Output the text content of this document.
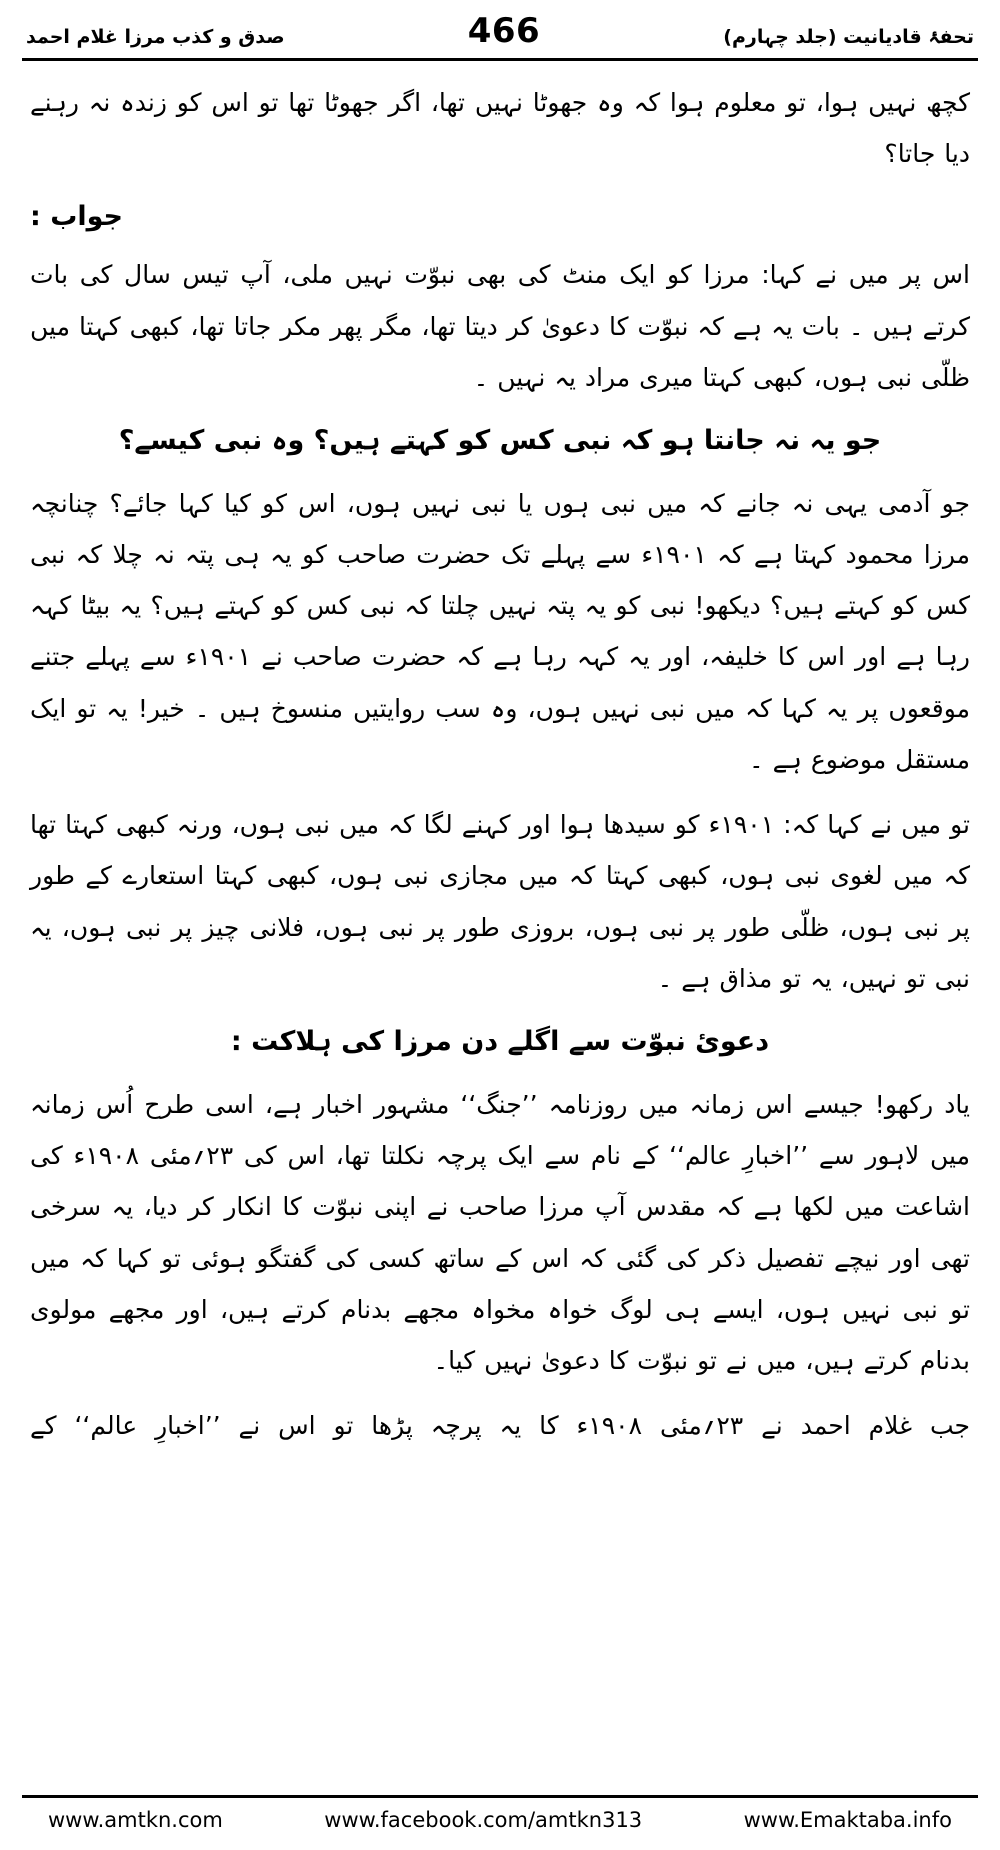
تحفۂ قادیانیت (جلد چہارم)
466
صدق و کذب مرزا غلام احمد

کچھ نہیں ہوا، تو معلوم ہوا کہ وہ جھوٹا نہیں تھا، اگر جھوٹا تھا تو اس کو زندہ نہ رہنے دیا جاتا؟

جواب :

اس پر میں نے کہا: مرزا کو ایک منٹ کی بھی نبوّت نہیں ملی، آپ تیس سال کی بات کرتے ہیں ۔ بات یہ ہے کہ نبوّت کا دعویٰ کر دیتا تھا، مگر پھر مکر جاتا تھا، کبھی کہتا میں ظلّی نبی ہوں، کبھی کہتا میری مراد یہ نہیں ۔

جو یہ نہ جانتا ہو کہ نبی کس کو کہتے ہیں؟ وہ نبی کیسے؟

جو آدمی یہی نہ جانے کہ میں نبی ہوں یا نبی نہیں ہوں، اس کو کیا کہا جائے؟ چنانچہ مرزا محمود کہتا ہے کہ ۱۹۰۱ء سے پہلے تک حضرت صاحب کو یہ ہی پتہ نہ چلا کہ نبی کس کو کہتے ہیں؟ دیکھو! نبی کو یہ پتہ نہیں چلتا کہ نبی کس کو کہتے ہیں؟ یہ بیٹا کہہ رہا ہے اور اس کا خلیفہ، اور یہ کہہ رہا ہے کہ حضرت صاحب نے ۱۹۰۱ء سے پہلے جتنے موقعوں پر یہ کہا کہ میں نبی نہیں ہوں، وہ سب روایتیں منسوخ ہیں ۔ خیر! یہ تو ایک مستقل موضوع ہے ۔

تو میں نے کہا کہ: ۱۹۰۱ء کو سیدھا ہوا اور کہنے لگا کہ میں نبی ہوں، ورنہ کبھی کہتا تھا کہ میں لغوی نبی ہوں، کبھی کہتا کہ میں مجازی نبی ہوں، کبھی کہتا استعارے کے طور پر نبی ہوں، ظلّی طور پر نبی ہوں، بروزی طور پر نبی ہوں، فلانی چیز پر نبی ہوں، یہ نبی تو نہیں، یہ تو مذاق ہے ۔

دعویٔ نبوّت سے اگلے دن مرزا کی ہلاکت :

یاد رکھو! جیسے اس زمانہ میں روزنامہ ’’جنگ‘‘ مشہور اخبار ہے، اسی طرح اُس زمانہ میں لاہور سے ’’اخبارِ عالم‘‘ کے نام سے ایک پرچہ نکلتا تھا، اس کی ۲۳؍مئی ۱۹۰۸ء کی اشاعت میں لکھا ہے کہ مقدس آپ مرزا صاحب نے اپنی نبوّت کا انکار کر دیا، یہ سرخی تھی اور نیچے تفصیل ذکر کی گئی کہ اس کے ساتھ کسی کی گفتگو ہوئی تو کہا کہ میں تو نبی نہیں ہوں، ایسے ہی لوگ خواہ مخواہ مجھے بدنام کرتے ہیں، اور مجھے مولوی بدنام کرتے ہیں، میں نے تو نبوّت کا دعویٰ نہیں کیا۔

جب غلام احمد نے ۲۳؍مئی ۱۹۰۸ء کا یہ پرچہ پڑھا تو اس نے ’’اخبارِ عالم‘‘ کے

www.amtkn.com	www.facebook.com/amtkn313	www.Emaktaba.info
